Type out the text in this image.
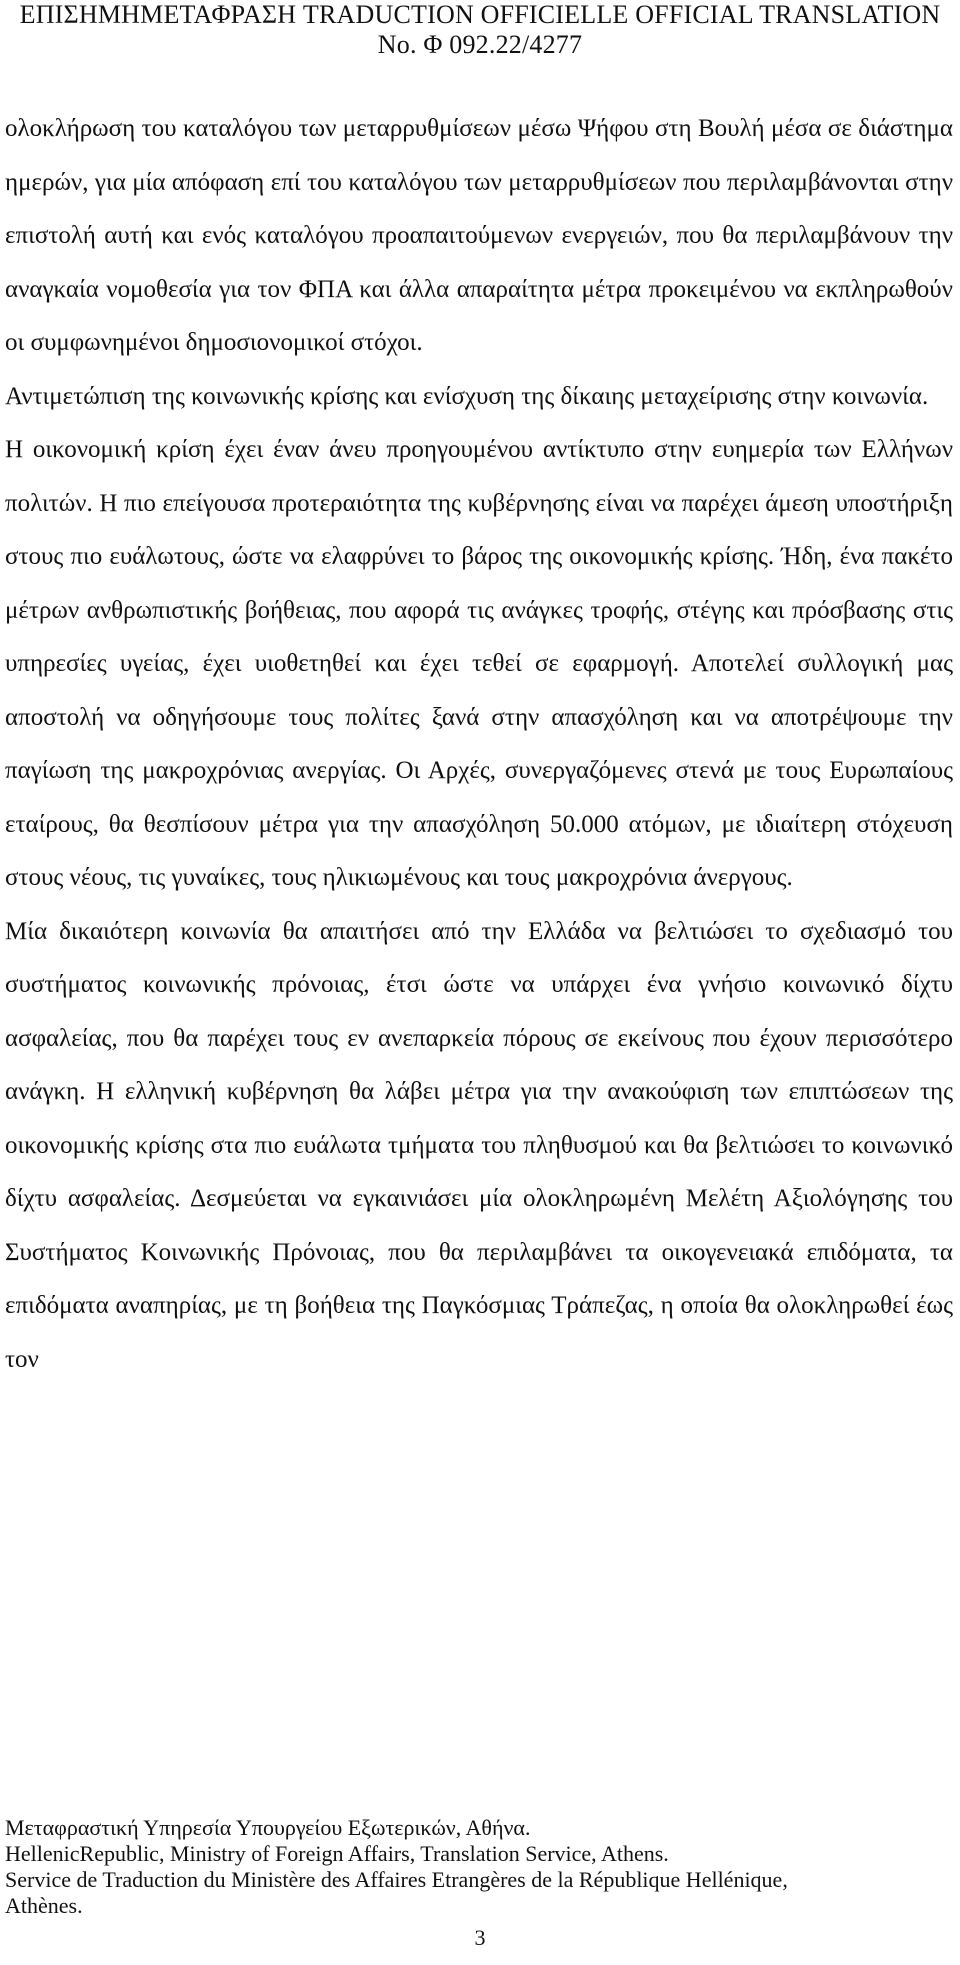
ΕΠΙΣΗΜΗΜΕΤΑΦΡΑΣΗ TRADUCTION OFFICIELLE OFFICIAL TRANSLATION
No. Φ 092.22/4277

ολοκλήρωση του καταλόγου των μεταρρυθμίσεων μέσω Ψήφου στη Βουλή μέσα σε διάστημα ημερών, για μία απόφαση επί του καταλόγου των μεταρρυθμίσεων που περιλαμβάνονται στην επιστολή αυτή και ενός καταλόγου προαπαιτούμενων ενεργειών, που θα περιλαμβάνουν την αναγκαία νομοθεσία για τον ΦΠΑ και άλλα απαραίτητα μέτρα προκειμένου να εκπληρωθούν οι συμφωνημένοι δημοσιονομικοί στόχοι.

Αντιμετώπιση της κοινωνικής κρίσης και ενίσχυση της δίκαιης μεταχείρισης στην κοινωνία.

Η οικονομική κρίση έχει έναν άνευ προηγουμένου αντίκτυπο στην ευημερία των Ελλήνων πολιτών. Η πιο επείγουσα προτεραιότητα της κυβέρνησης είναι να παρέχει άμεση υποστήριξη στους πιο ευάλωτους, ώστε να ελαφρύνει το βάρος της οικονομικής κρίσης. Ήδη, ένα πακέτο μέτρων ανθρωπιστικής βοήθειας, που αφορά τις ανάγκες τροφής, στέγης και πρόσβασης στις υπηρεσίες υγείας, έχει υιοθετηθεί και έχει τεθεί σε εφαρμογή. Αποτελεί συλλογική μας αποστολή να οδηγήσουμε τους πολίτες ξανά στην απασχόληση και να αποτρέψουμε την παγίωση της μακροχρόνιας ανεργίας. Οι Αρχές, συνεργαζόμενες στενά με τους Ευρωπαίους εταίρους, θα θεσπίσουν μέτρα για την απασχόληση 50.000 ατόμων, με ιδιαίτερη στόχευση στους νέους, τις γυναίκες, τους ηλικιωμένους και τους μακροχρόνια άνεργους.

Μία δικαιότερη κοινωνία θα απαιτήσει από την Ελλάδα να βελτιώσει το σχεδιασμό του συστήματος κοινωνικής πρόνοιας, έτσι ώστε να υπάρχει ένα γνήσιο κοινωνικό δίχτυ ασφαλείας, που θα παρέχει τους εν ανεπαρκεία πόρους σε εκείνους που έχουν περισσότερο ανάγκη. Η ελληνική κυβέρνηση θα λάβει μέτρα για την ανακούφιση των επιπτώσεων της οικονομικής κρίσης στα πιο ευάλωτα τμήματα του πληθυσμού και θα βελτιώσει το κοινωνικό δίχτυ ασφαλείας. Δεσμεύεται να εγκαινιάσει μία ολοκληρωμένη Μελέτη Αξιολόγησης του Συστήματος Κοινωνικής Πρόνοιας, που θα περιλαμβάνει τα οικογενειακά επιδόματα, τα επιδόματα αναπηρίας, με τη βοήθεια της Παγκόσμιας Τράπεζας, η οποία θα ολοκληρωθεί έως τον

Μεταφραστική Υπηρεσία Υπουργείου Εξωτερικών, Αθήνα.
HellenicRepublic, Ministry of Foreign Affairs, Translation Service, Athens.
Service de Traduction du Ministère des Affaires Etrangères de la République Hellénique,
Athènes.
3
